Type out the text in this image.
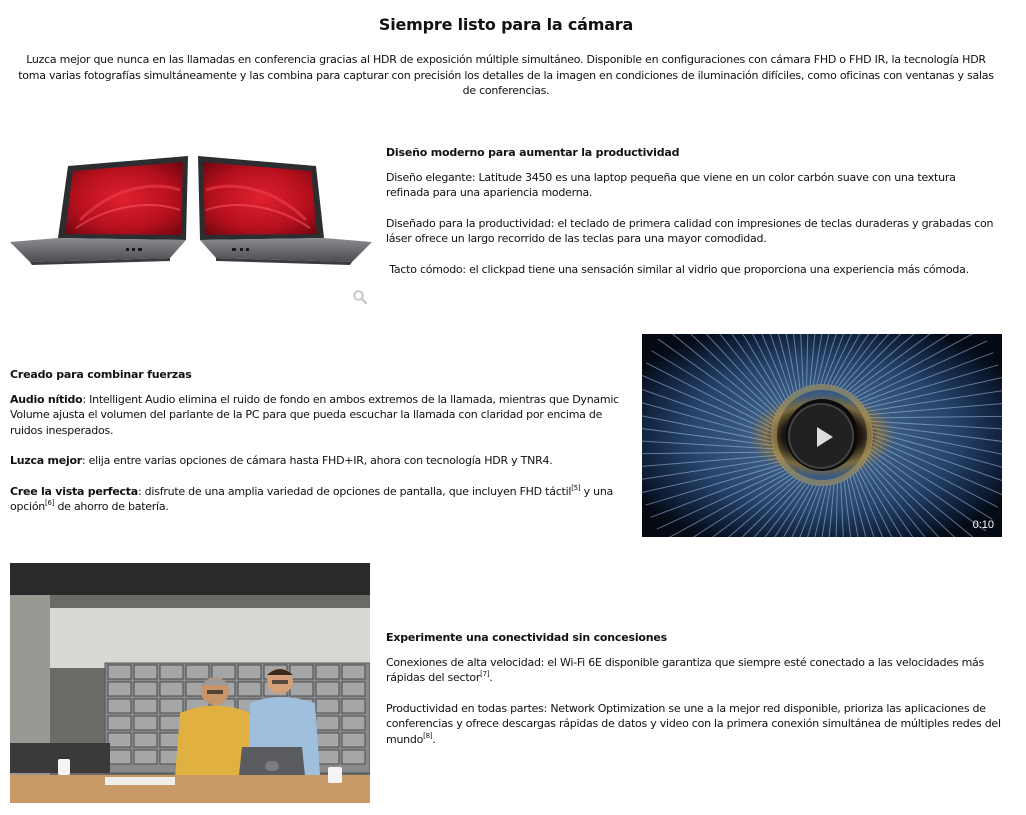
Siempre listo para la cámara

Luzca mejor que nunca en las llamadas en conferencia gracias al HDR de exposición múltiple simultáneo. Disponible en configuraciones con cámara FHD o FHD IR, la tecnología HDR toma varias fotografías simultáneamente y las combina para capturar con precisión los detalles de la imagen en condiciones de iluminación difíciles, como oficinas con ventanas y salas de conferencias.

Diseño moderno para aumentar la productividad

Diseño elegante: Latitude 3450 es una laptop pequeña que viene en un color carbón suave con una textura refinada para una apariencia moderna.

Diseñado para la productividad: el teclado de primera calidad con impresiones de teclas duraderas y grabadas con láser ofrece un largo recorrido de las teclas para una mayor comodidad.

Tacto cómodo: el clickpad tiene una sensación similar al vidrio que proporciona una experiencia más cómoda.

Creado para combinar fuerzas

Audio nítido: Intelligent Audio elimina el ruido de fondo en ambos extremos de la llamada, mientras que Dynamic Volume ajusta el volumen del parlante de la PC para que pueda escuchar la llamada con claridad por encima de ruidos inesperados.

Luzca mejor: elija entre varias opciones de cámara hasta FHD+IR, ahora con tecnología HDR y TNR4.

Cree la vista perfecta: disfrute de una amplia variedad de opciones de pantalla, que incluyen FHD táctil[5] y una opción[6] de ahorro de batería.

0:10
Experimente una conectividad sin concesiones

Conexiones de alta velocidad: el Wi-Fi 6E disponible garantiza que siempre esté conectado a las velocidades más rápidas del sector[7].

Productividad en todas partes: Network Optimization se une a la mejor red disponible, prioriza las aplicaciones de conferencias y ofrece descargas rápidas de datos y video con la primera conexión simultánea de múltiples redes del mundo[8].
